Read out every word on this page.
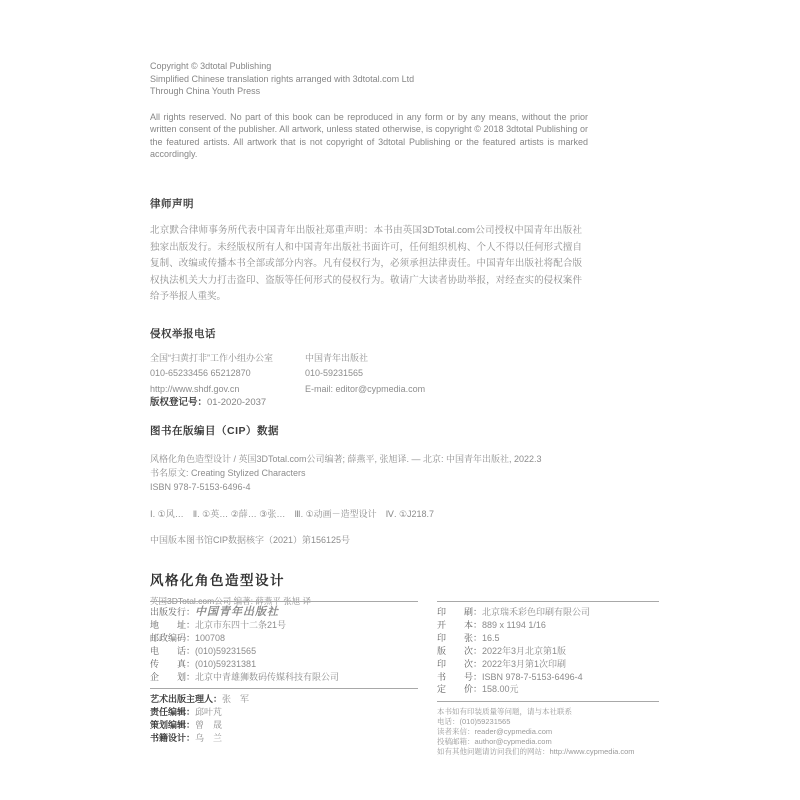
Copyright © 3dtotal Publishing
Simplified Chinese translation rights arranged with 3dtotal.com Ltd
Through China Youth Press
All rights reserved. No part of this book can be reproduced in any form or by any means, without the prior written consent of the publisher. All artwork, unless stated otherwise, is copyright © 2018 3dtotal Publishing or the featured artists. All artwork that is not copyright of 3dtotal Publishing or the featured artists is marked accordingly.
律师声明

北京默合律师事务所代表中国青年出版社郑重声明：本书由英国3DTotal.com公司授权中国青年出版社独家出版发行。未经版权所有人和中国青年出版社书面许可，任何组织机构、个人不得以任何形式擅自复制、改编或传播本书全部或部分内容。凡有侵权行为，必须承担法律责任。中国青年出版社将配合版权执法机关大力打击盗印、盗版等任何形式的侵权行为。敬请广大读者协助举报，对经查实的侵权案件给予举报人重奖。

侵权举报电话
全国“扫黄打非”工作小组办公室
010-65233456 65212870
http://www.shdf.gov.cn
中国青年出版社
010-59231565
E-mail: editor@cypmedia.com
版权登记号：01-2020-2037
图书在版编目（CIP）数据
风格化角色造型设计 / 英国3DTotal.com公司编著; 薛燕平, 张旭译. — 北京: 中国青年出版社, 2022.3
书名原文: Creating Stylized Characters
ISBN 978-7-5153-6496-4
Ⅰ. ①风…　Ⅱ. ①英… ②薛… ③张…　Ⅲ. ①动画－造型设计　Ⅳ. ①J218.7
中国版本图书馆CIP数据核字（2021）第156125号
风格化角色造型设计
英国3DTotal.com公司 编著: 薛燕平 张旭 译
出版发行： 中国青年出版社
地　　址： 北京市东四十二条21号
邮政编码： 100708
电　　话： (010)59231565
传　　真： (010)59231381
企　　划： 北京中青雄狮数码传媒科技有限公司
艺术出版主理人： 张　军
责任编辑： 邱叶芃
策划编辑： 曾　晟
书籍设计： 乌　兰
印　　刷： 北京瑞禾彩色印刷有限公司
开　　本： 889 x 1194 1/16
印　　张： 16.5
版　　次： 2022年3月北京第1版
印　　次： 2022年3月第1次印刷
书　　号： ISBN 978-7-5153-6496-4
定　　价： 158.00元
本书如有印装质量等问题，请与本社联系
电话：(010)59231565
读者来信：reader@cypmedia.com
投稿邮箱：author@cypmedia.com
如有其他问题请访问我们的网站：http://www.cypmedia.com
